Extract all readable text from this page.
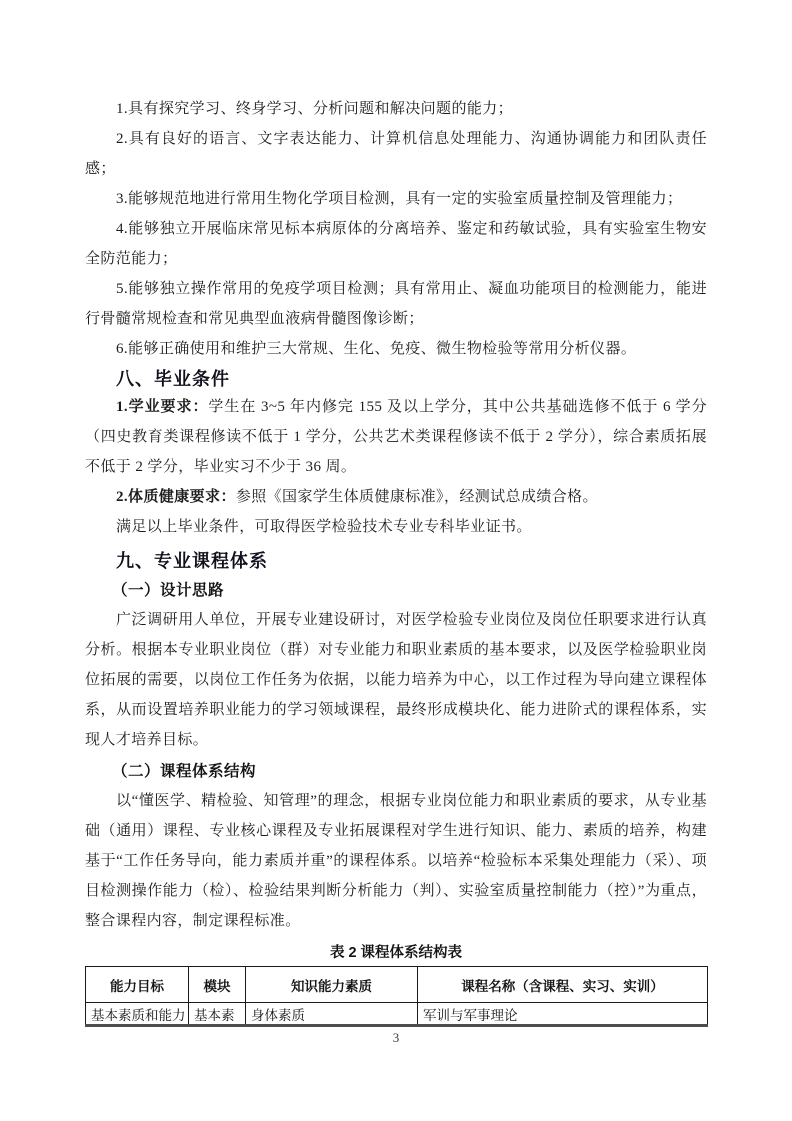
1.具有探究学习、终身学习、分析问题和解决问题的能力；

2.具有良好的语言、文字表达能力、计算机信息处理能力、沟通协调能力和团队责任感；

3.能够规范地进行常用生物化学项目检测，具有一定的实验室质量控制及管理能力；

4.能够独立开展临床常见标本病原体的分离培养、鉴定和药敏试验，具有实验室生物安全防范能力；

5.能够独立操作常用的免疫学项目检测；具有常用止、凝血功能项目的检测能力，能进行骨髓常规检查和常见典型血液病骨髓图像诊断；

6.能够正确使用和维护三大常规、生化、免疫、微生物检验等常用分析仪器。

八、毕业条件

1.学业要求：学生在 3~5 年内修完 155 及以上学分，其中公共基础选修不低于 6 学分（四史教育类课程修读不低于 1 学分，公共艺术类课程修读不低于 2 学分），综合素质拓展不低于 2 学分，毕业实习不少于 36 周。

2.体质健康要求：参照《国家学生体质健康标准》，经测试总成绩合格。

满足以上毕业条件，可取得医学检验技术专业专科毕业证书。

九、专业课程体系
（一）设计思路

广泛调研用人单位，开展专业建设研讨，对医学检验专业岗位及岗位任职要求进行认真分析。根据本专业职业岗位（群）对专业能力和职业素质的基本要求，以及医学检验职业岗位拓展的需要，以岗位工作任务为依据，以能力培养为中心，以工作过程为导向建立课程体系，从而设置培养职业能力的学习领域课程，最终形成模块化、能力进阶式的课程体系，实现人才培养目标。

（二）课程体系结构

以“懂医学、精检验、知管理”的理念，根据专业岗位能力和职业素质的要求，从专业基础（通用）课程、专业核心课程及专业拓展课程对学生进行知识、能力、素质的培养，构建基于“工作任务导向，能力素质并重”的课程体系。以培养“检验标本采集处理能力（采）、项目检测操作能力（检）、检验结果判断分析能力（判）、实验室质量控制能力（控）”为重点，整合课程内容，制定课程标准。

表 2 课程体系结构表
能力目标	模块	知识能力素质	课程名称（含课程、实习、实训）
基本素质和能力	基本素	身体素质	军训与军事理论
3
